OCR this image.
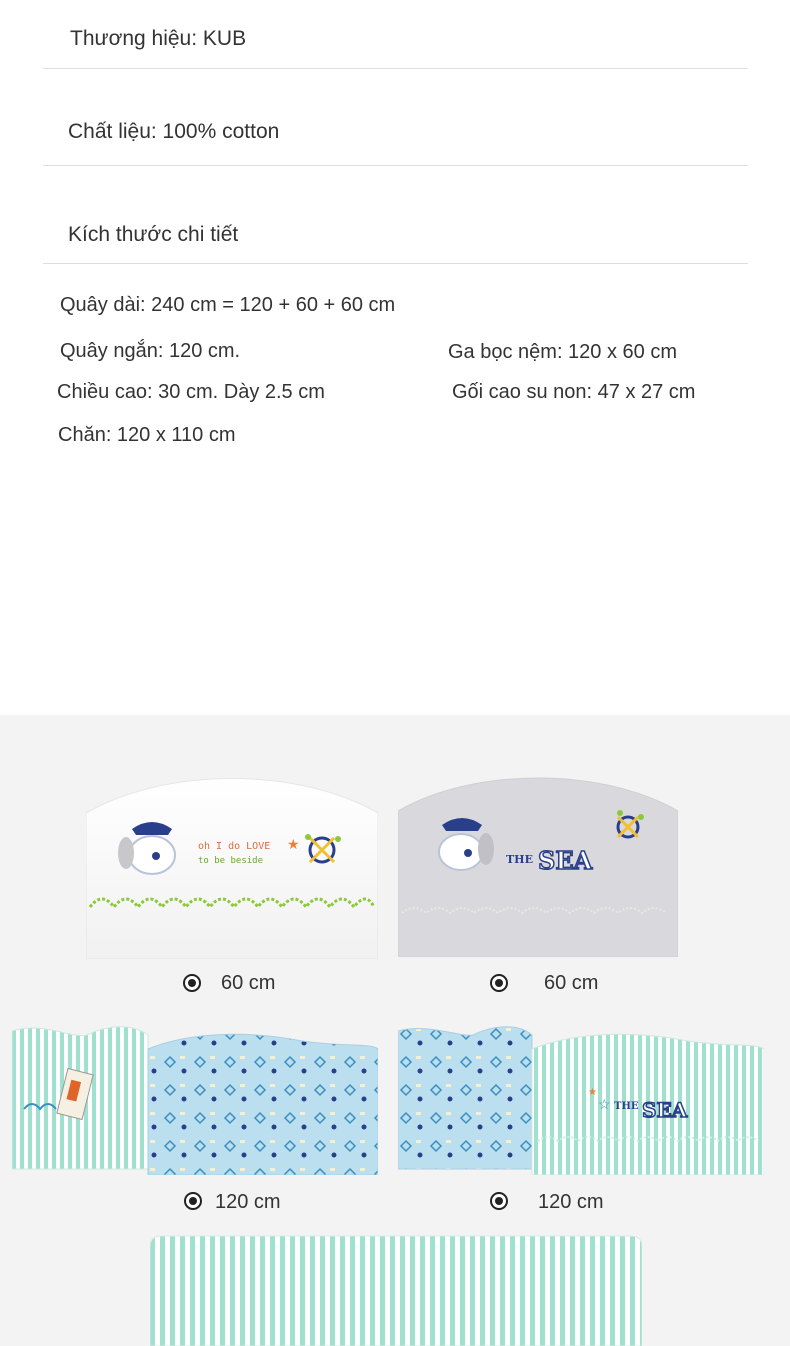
Thương hiệu: KUB
Chất liệu: 100% cotton
Kích thước chi tiết
Quây dài: 240 cm = 120 + 60 + 60 cm
Quây ngắn: 120 cm.	Ga bọc nệm: 120 x 60 cm
Chiều cao: 30 cm. Dày 2.5 cm	Gối cao su non: 47 x 27 cm
Chăn: 120 x 110 cm
oh I do LOVE
to be beside
★
THE SEA
60 cm	60 cm
★
☆ THE SEA
120 cm	120 cm
